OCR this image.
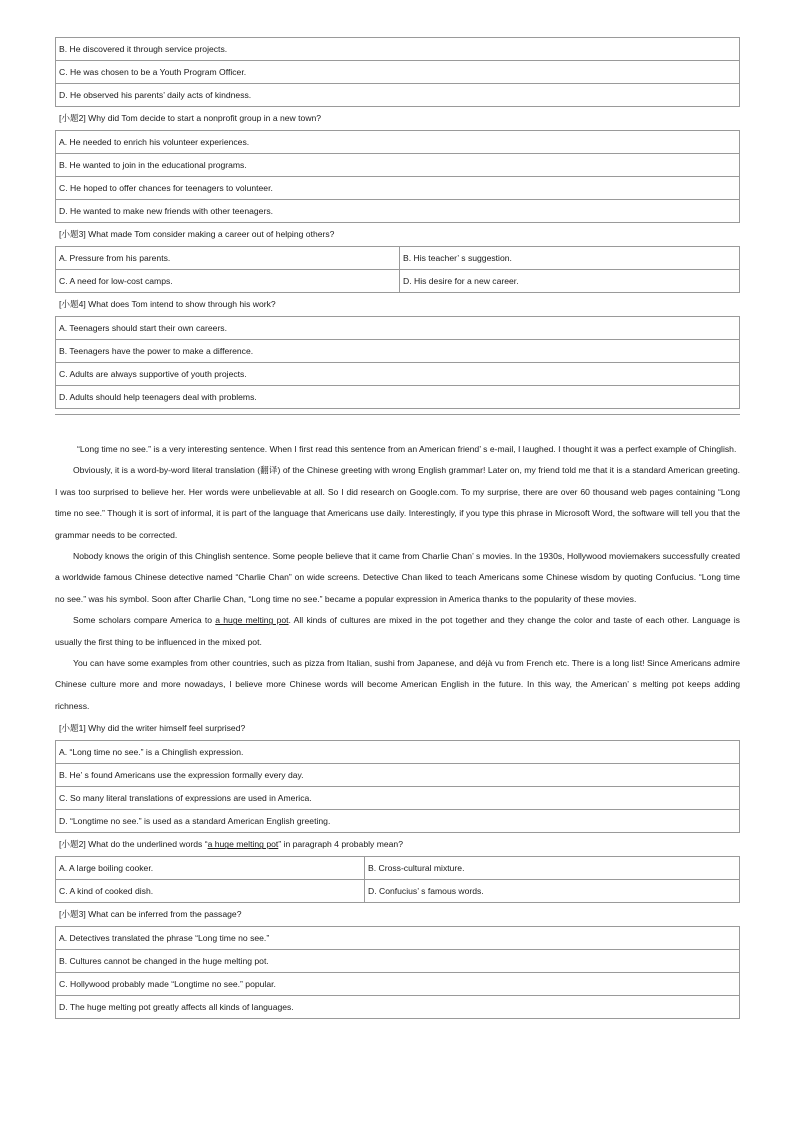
B. He discovered it through service projects.
C. He was chosen to be a Youth Program Officer.
D. He observed his parents’ daily acts of kindness.
[小题2] Why did Tom decide to start a nonprofit group in a new town?
A. He needed to enrich his volunteer experiences.
B. He wanted to join in the educational programs.
C. He hoped to offer chances for teenagers to volunteer.
D. He wanted to make new friends with other teenagers.
[小题3] What made Tom consider making a career out of helping others?
A. Pressure from his parents.	B. His teacher’ s suggestion.
C. A need for low-cost camps.	D. His desire for a new career.
[小题4] What does Tom intend to show through his work?
A. Teenagers should start their own careers.
B. Teenagers have the power to make a difference.
C. Adults are always supportive of youth projects.
D. Adults should help teenagers deal with problems.

“Long time no see.” is a very interesting sentence. When I first read this sentence from an American friend’ s e-mail, I laughed. I thought it was a perfect example of Chinglish.

Obviously, it is a word-by-word literal translation (翻译) of the Chinese greeting with wrong English grammar! Later on, my friend told me that it is a standard American greeting. I was too surprised to believe her. Her words were unbelievable at all. So I did research on Google.com. To my surprise, there are over 60 thousand web pages containing “Long time no see.” Though it is sort of informal, it is part of the language that Americans use daily. Interestingly, if you type this phrase in Microsoft Word, the software will tell you that the grammar needs to be corrected.

Nobody knows the origin of this Chinglish sentence. Some people believe that it came from Charlie Chan’ s movies. In the 1930s, Hollywood moviemakers successfully created a worldwide famous Chinese detective named “Charlie Chan” on wide screens. Detective Chan liked to teach Americans some Chinese wisdom by quoting Confucius. “Long time no see.” was his symbol. Soon after Charlie Chan, “Long time no see.” became a popular expression in America thanks to the popularity of these movies.

Some scholars compare America to a huge melting pot. All kinds of cultures are mixed in the pot together and they change the color and taste of each other. Language is usually the first thing to be influenced in the mixed pot.

You can have some examples from other countries, such as pizza from Italian, sushi from Japanese, and déjà vu from French etc. There is a long list! Since Americans admire Chinese culture more and more nowadays, I believe more Chinese words will become American English in the future. In this way, the American’ s melting pot keeps adding richness.

[小题1] Why did the writer himself feel surprised?
A. “Long time no see.” is a Chinglish expression.
B. He’ s found Americans use the expression formally every day.
C. So many literal translations of expressions are used in America.
D. “Longtime no see.” is used as a standard American English greeting.
[小题2] What do the underlined words “a huge melting pot” in paragraph 4 probably mean?
A. A large boiling cooker.	B. Cross-cultural mixture.
C. A kind of cooked dish.	D. Confucius’ s famous words.
[小题3] What can be inferred from the passage?
A. Detectives translated the phrase “Long time no see.”
B. Cultures cannot be changed in the huge melting pot.
C. Hollywood probably made “Longtime no see.” popular.
D. The huge melting pot greatly affects all kinds of languages.
